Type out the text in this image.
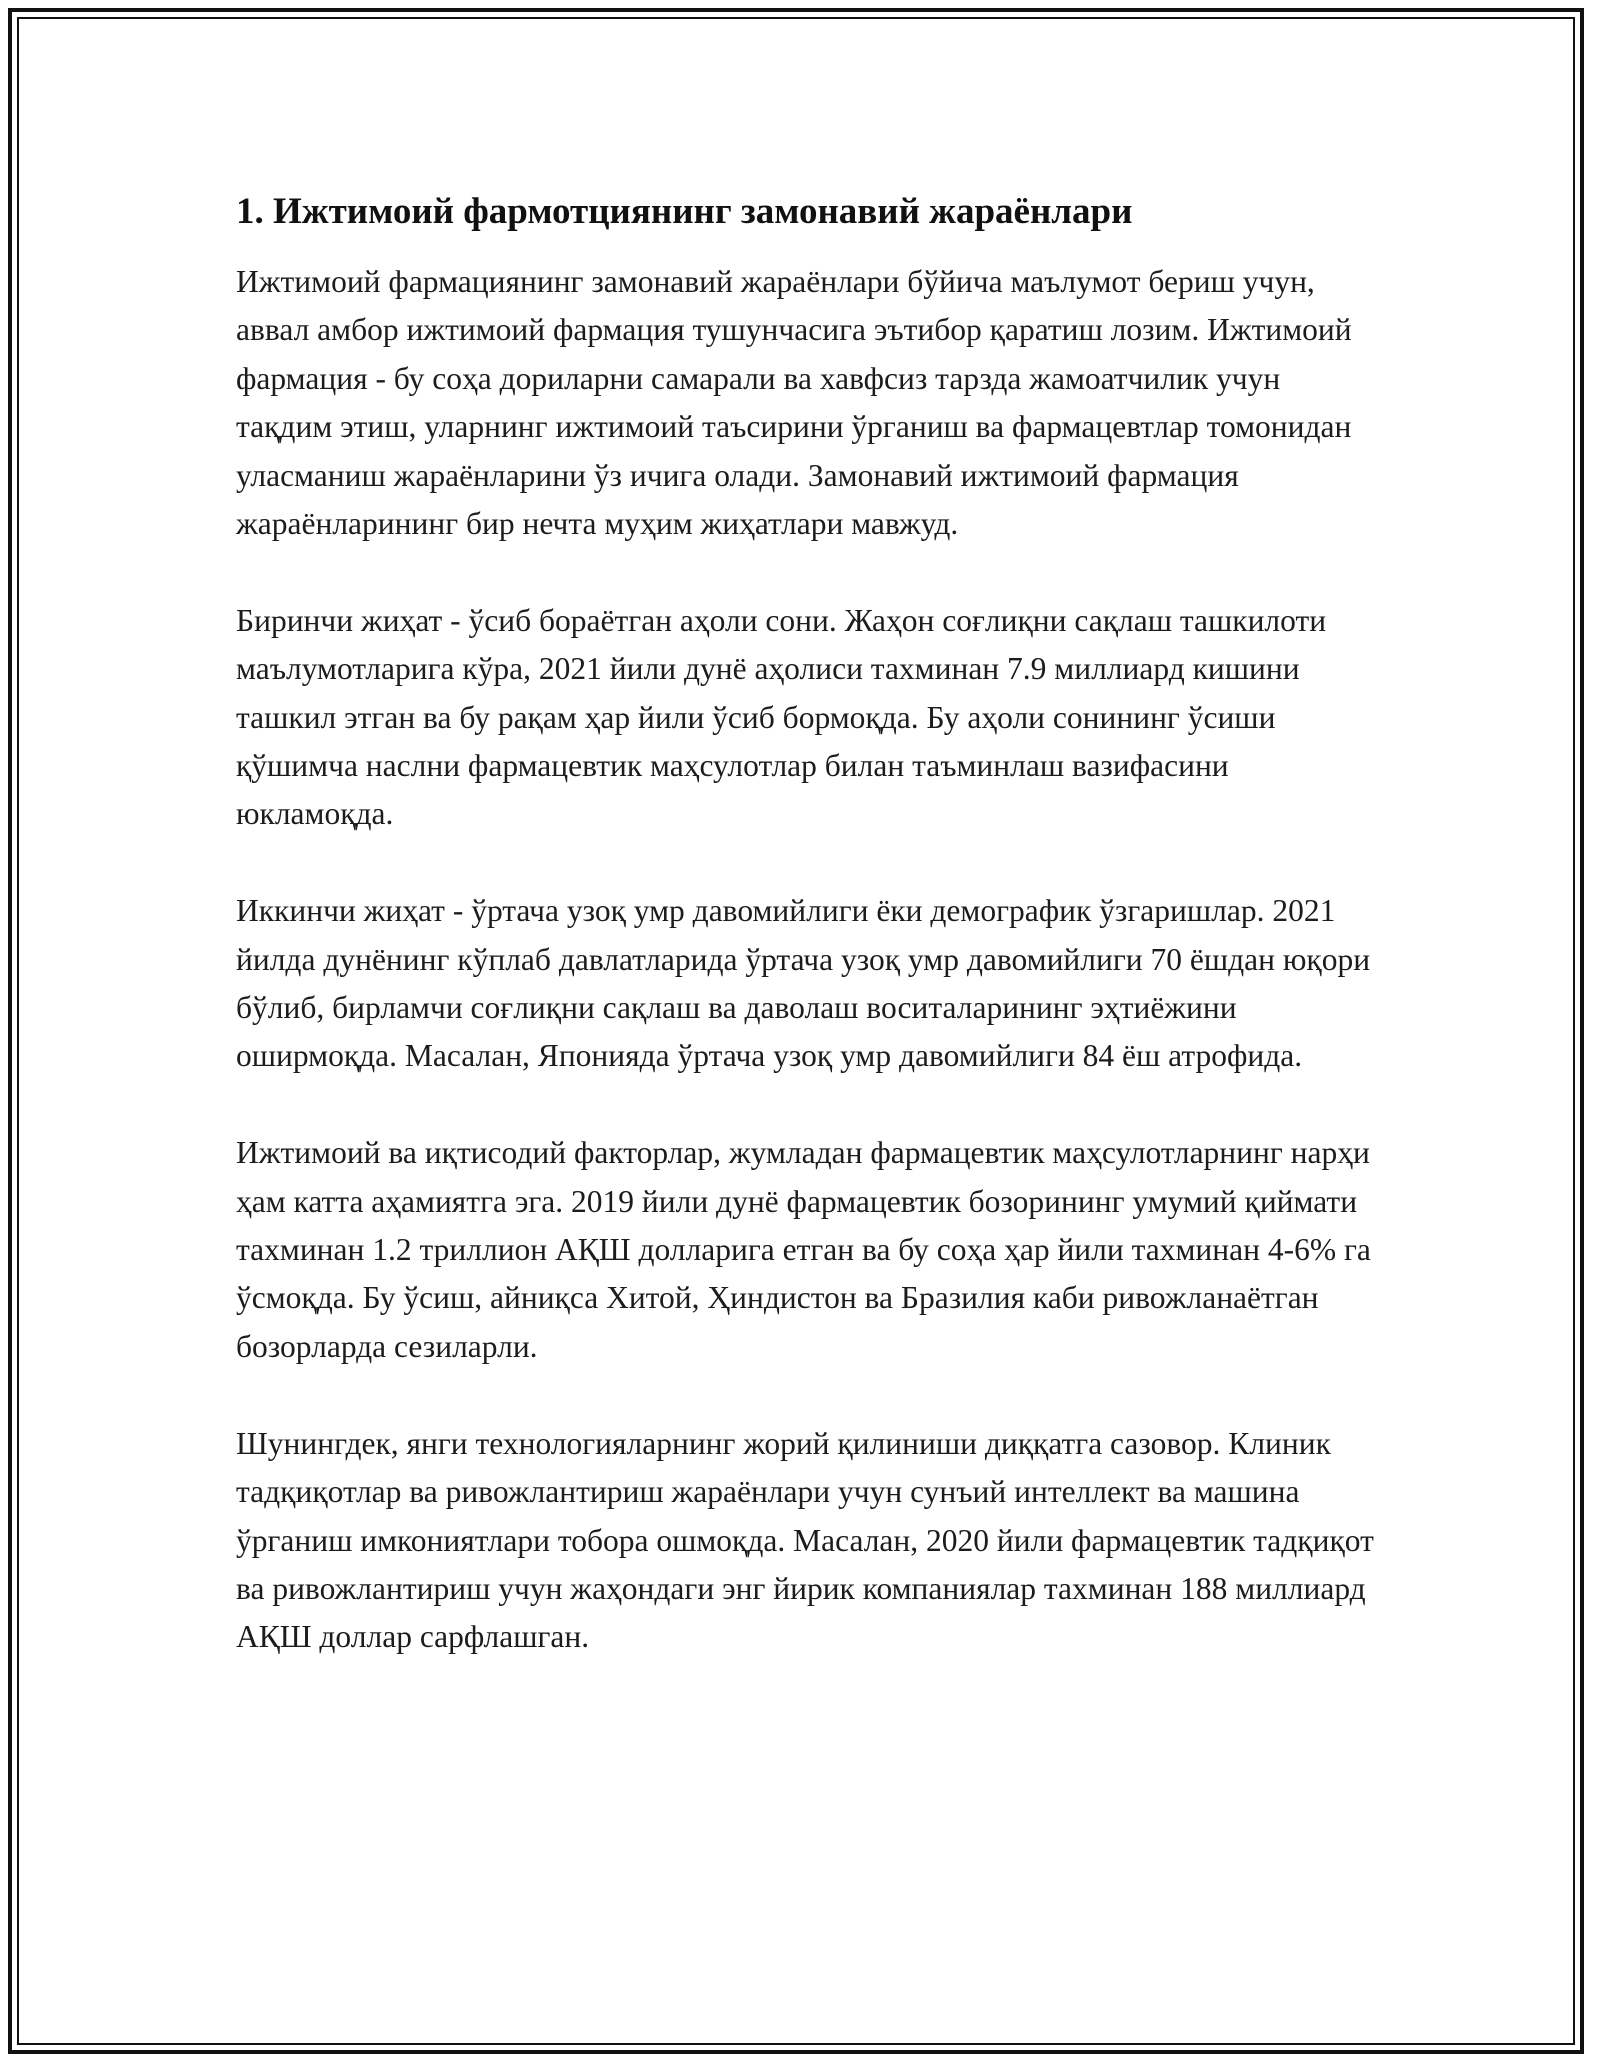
1. Ижтимоий фармотциянинг замонавий жараёнлари

Ижтимоий фармациянинг замонавий жараёнлари бўйича маълумот бериш учун, аввал амбор ижтимоий фармация тушунчасига эътибор қаратиш лозим. Ижтимоий фармация - бу соҳа дориларни самарали ва хавфсиз тарзда жамоатчилик учун тақдим этиш, уларнинг ижтимоий таъсирини ўрганиш ва фармацевтлар томонидан уласманиш жараёнларини ўз ичига олади. Замонавий ижтимоий фармация жараёнларининг бир нечта муҳим жиҳатлари мавжуд.

Биринчи жиҳат - ўсиб бораётган аҳоли сони. Жаҳон соғлиқни сақлаш ташкилоти маълумотларига кўра, 2021 йили дунё аҳолиси тахминан 7.9 миллиард кишини ташкил этган ва бу рақам ҳар йили ўсиб бормоқда. Бу аҳоли сонининг ўсиши қўшимча наслни фармацевтик маҳсулотлар билан таъминлаш вазифасини юкламоқда.

Иккинчи жиҳат - ўртача узоқ умр давомийлиги ёки демографик ўзгаришлар. 2021 йилда дунёнинг кўплаб давлатларида ўртача узоқ умр давомийлиги 70 ёшдан юқори бўлиб, бирламчи соғлиқни сақлаш ва даволаш воситаларининг эҳтиёжини оширмоқда. Масалан, Японияда ўртача узоқ умр давомийлиги 84 ёш атрофида.

Ижтимоий ва иқтисодий факторлар, жумладан фармацевтик маҳсулотларнинг нарҳи ҳам катта аҳамиятга эга. 2019 йили дунё фармацевтик бозорининг умумий қиймати тахминан 1.2 триллион АҚШ долларига етган ва бу соҳа ҳар йили тахминан 4-6% га ўсмоқда. Бу ўсиш, айниқса Хитой, Ҳиндистон ва Бразилия каби ривожланаётган бозорларда сезиларли.

Шунингдек, янги технологияларнинг жорий қилиниши диққатга сазовор. Клиник тадқиқотлар ва ривожлантириш жараёнлари учун сунъий интеллект ва машина ўрганиш имкониятлари тобора ошмоқда. Масалан, 2020 йили фармацевтик тадқиқот ва ривожлантириш учун жаҳондаги энг йирик компаниялар тахминан 188 миллиард АҚШ доллар сарфлашган.
